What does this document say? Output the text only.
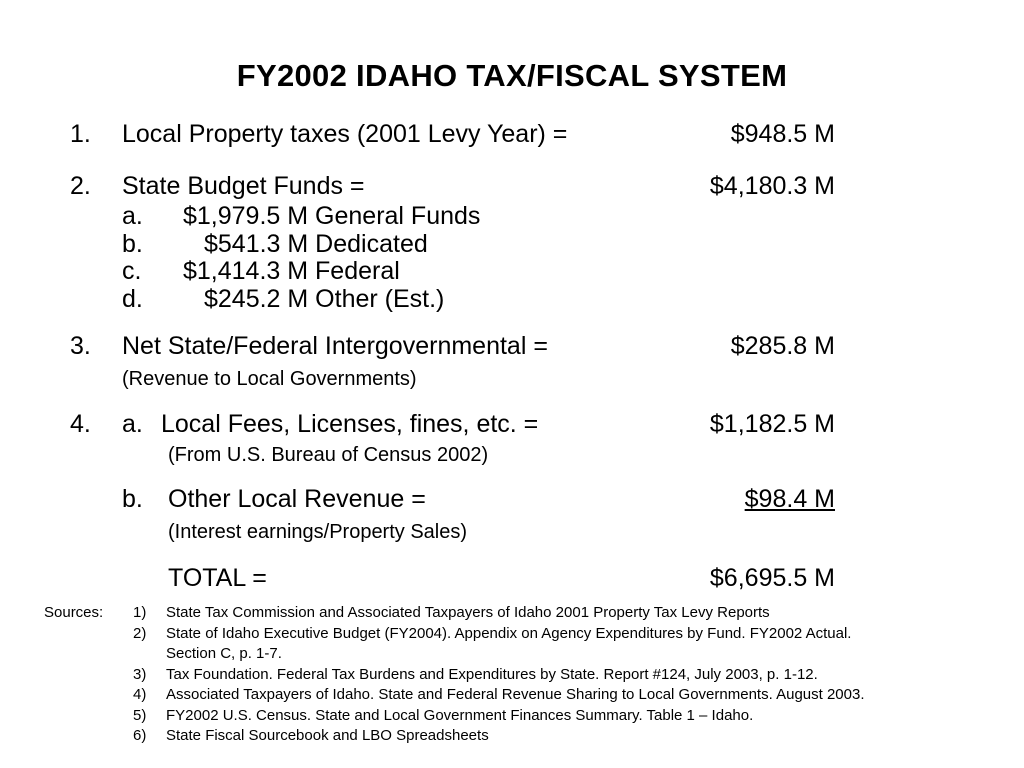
FY2002 IDAHO TAX/FISCAL SYSTEM
1. Local Property taxes (2001 Levy Year) =	$948.5 M
2. State Budget Funds =	$4,180.3 M
a. $1,979.5 M General Funds
b. $541.3 M Dedicated
c. $1,414.3 M Federal
d. $245.2 M Other (Est.)
3. Net State/Federal Intergovernmental =	$285.8 M
(Revenue to Local Governments)
4. a. Local Fees, Licenses, fines, etc. =	$1,182.5 M
(From U.S. Bureau of Census 2002)
b. Other Local Revenue =	$98.4 M
(Interest earnings/Property Sales)
TOTAL =	$6,695.5 M
Sources: 1) State Tax Commission and Associated Taxpayers of Idaho 2001 Property Tax Levy Reports
2) State of Idaho Executive Budget (FY2004). Appendix on Agency Expenditures by Fund. FY2002 Actual.
Section C, p. 1-7.
3) Tax Foundation. Federal Tax Burdens and Expenditures by State. Report #124, July 2003, p. 1-12.
4) Associated Taxpayers of Idaho. State and Federal Revenue Sharing to Local Governments. August 2003.
5) FY2002 U.S. Census. State and Local Government Finances Summary. Table 1 – Idaho.
6) State Fiscal Sourcebook and LBO Spreadsheets
